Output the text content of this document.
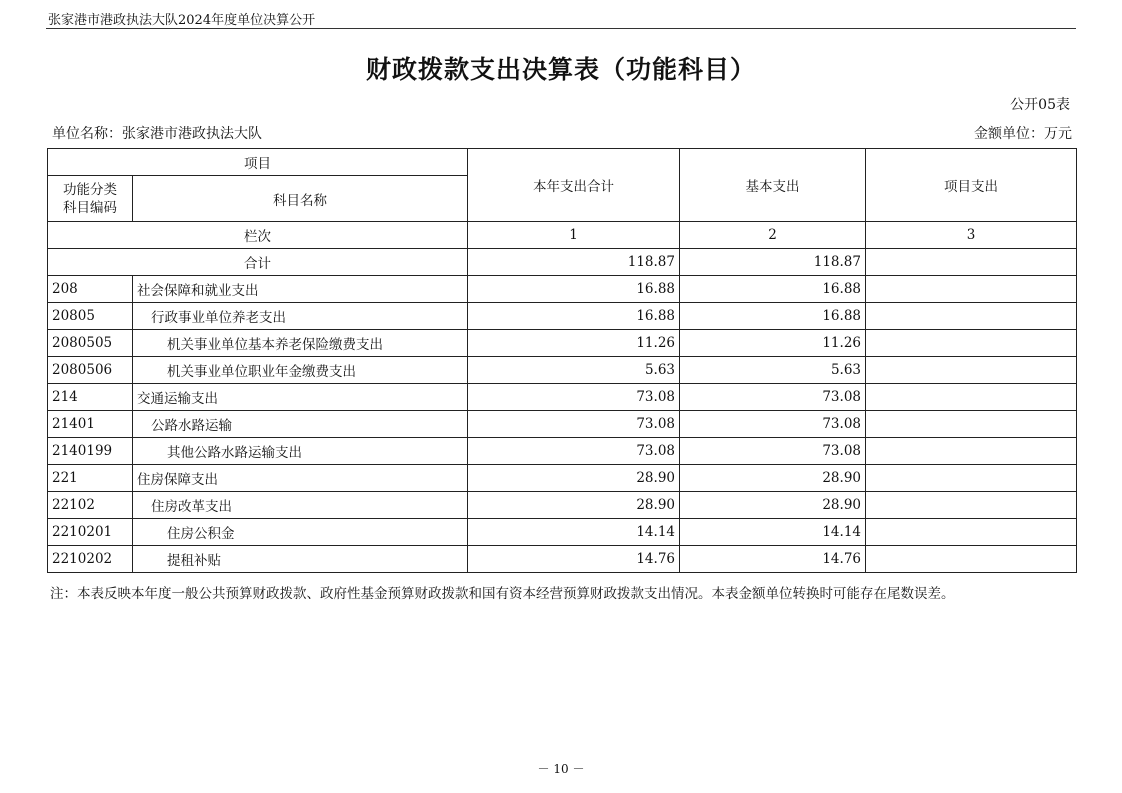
张家港市港政执法大队2024年度单位决算公开
财政拨款支出决算表（功能科目）
公开05表
单位名称：张家港市港政执法大队	金额单位：万元
项目		本年支出合计	基本支出	项目支出
功能分类
科目编码	科目名称			
栏次		1	2	3
合计		118.87	118.87	
208	社会保障和就业支出	16.88	16.88	
20805	行政事业单位养老支出	16.88	16.88	
2080505	机关事业单位基本养老保险缴费支出	11.26	11.26	
2080506	机关事业单位职业年金缴费支出	5.63	5.63	
214	交通运输支出	73.08	73.08	
21401	公路水路运输	73.08	73.08	
2140199	其他公路水路运输支出	73.08	73.08	
221	住房保障支出	28.90	28.90	
22102	住房改革支出	28.90	28.90	
2210201	住房公积金	14.14	14.14	
2210202	提租补贴	14.76	14.76	
注：本表反映本年度一般公共预算财政拨款、政府性基金预算财政拨款和国有资本经营预算财政拨款支出情况。本表金额单位转换时可能存在尾数误差。
－ 10 －
